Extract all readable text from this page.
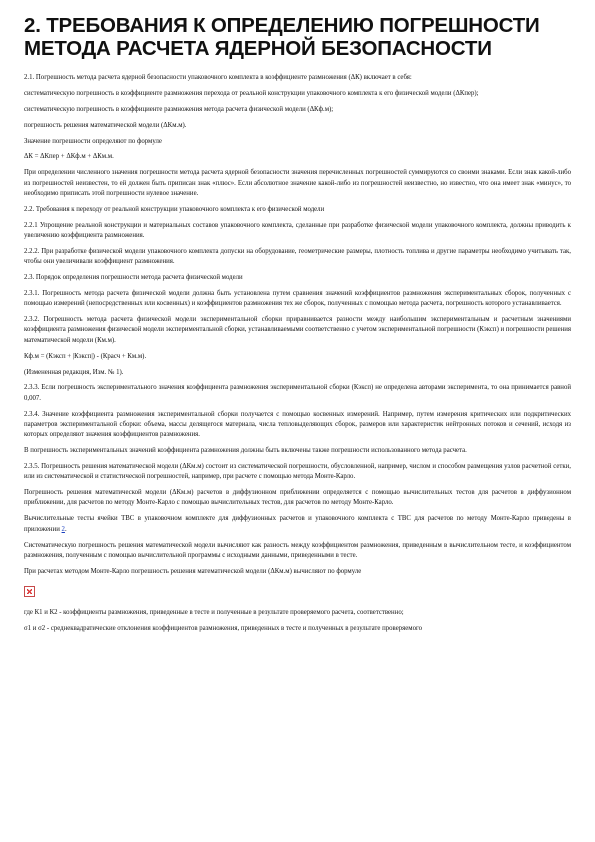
2. ТРЕБОВАНИЯ К ОПРЕДЕЛЕНИЮ ПОГРЕШНОСТИ МЕТОДА РАСЧЕТА ЯДЕРНОЙ БЕЗОПАСНОСТИ

2.1. Погрешность метода расчета ядерной безопасности упаковочного комплекта в коэффициенте размножения (ΔК) включает в себя:

систематическую погрешность в коэффициенте размножения перехода от реальной конструкции упаковочного комплекта к его физической модели (ΔКпер);

систематическую погрешность в коэффициенте размножения метода расчета физической модели (ΔКф.м);

погрешность решения математической модели (ΔКм.м).

Значение погрешности определяют по формуле

ΔК = ΔКпер + ΔКф.м + ΔКм.м.

При определении численного значения погрешности метода расчета ядерной безопасности значения перечисленных погрешностей суммируются со своими знаками. Если знак какой-либо из погрешностей неизвестен, то ей должен быть приписан знак «плюс». Если абсолютное значение какой-либо из погрешностей неизвестно, но известно, что она имеет знак «минус», то необходимо приписать этой погрешности нулевое значение.

2.2. Требования к переходу от реальной конструкции упаковочного комплекта к его физической модели

2.2.1 Упрощение реальной конструкции и материальных составов упаковочного комплекта, сделанные при разработке физической модели упаковочного комплекта, должны приводить к увеличению коэффициента размножения.

2.2.2. При разработке физической модели упаковочного комплекта допуски на оборудование, геометрические размеры, плотность топлива и другие параметры необходимо учитывать так, чтобы они увеличивали коэффициент размножения.

2.3. Порядок определения погрешности метода расчета физической модели

2.3.1. Погрешность метода расчета физической модели должна быть установлена путем сравнения значений коэффициентов размножения экспериментальных сборок, полученных с помощью измерений (непосредственных или косвенных) и коэффициентов размножения тех же сборок, полученных с помощью метода расчета, погрешность которого устанавливается.

2.3.2. Погрешность метода расчета физической модели экспериментальной сборки приравнивается разности между наибольшим экспериментальным и расчетным значениями коэффициента размножения физической модели экспериментальной сборки, устанавливаемыми соответственно с учетом экспериментальной погрешности (Кэксп) и погрешности решения математической модели (Км.м).

Кф.м = (Кэксп + |Кэксп|) - (Красч + Км.м).

(Измененная редакция, Изм. № 1).

2.3.3. Если погрешность экспериментального значения коэффициента размножения экспериментальной сборки (Кэксп) не определена авторами эксперимента, то она принимается равной 0,007.

2.3.4. Значение коэффициента размножения экспериментальной сборки получается с помощью косвенных измерений. Например, путем измерения критических или подкритических параметров экспериментальной сборки: объема, массы делящегося материала, числа тепловыделяющих сборок, размеров или характеристик нейтронных потоков и сечений, исходя из которых определяют значения коэффициентов размножения.

В погрешность экспериментальных значений коэффициента размножения должны быть включены также погрешности использованного метода расчета.

2.3.5. Погрешность решения математической модели (ΔКм.м) состоит из систематической погрешности, обусловленной, например, числом и способом размещения узлов расчетной сетки, или из систематической и статистической погрешностей, например, при расчете с помощью метода Монте-Карло.

Погрешность решения математической модели (ΔКм.м) расчетов в диффузионном приближении определяется с помощью вычислительных тестов для расчетов в диффузионном приближении, для расчетов по методу Монте-Карло с помощью вычислительных тестов, для расчетов по методу Монте-Карло.

Вычислительные тесты ячейки ТВС в упаковочном комплекте для диффузионных расчетов и упаковочного комплекта с ТВС для расчетов по методу Монте-Карло приведены в приложении 2.

Систематическую погрешность решения математической модели вычисляют как разность между коэффициентом размножения, приведенным в вычислительном тесте, и коэффициентом размножения, полученным с помощью вычислительной программы с исходными данными, приведенными в тесте.

При расчетах методом Монте-Карло погрешность решения математической модели (ΔКм.м) вычисляют по формуле

где К1 и К2 - коэффициенты размножения, приведенные в тесте и полученные в результате проверяемого расчета, соответственно;

σ1 и σ2 - среднеквадратические отклонения коэффициентов размножения, приведенных в тесте и полученных в результате проверяемого
